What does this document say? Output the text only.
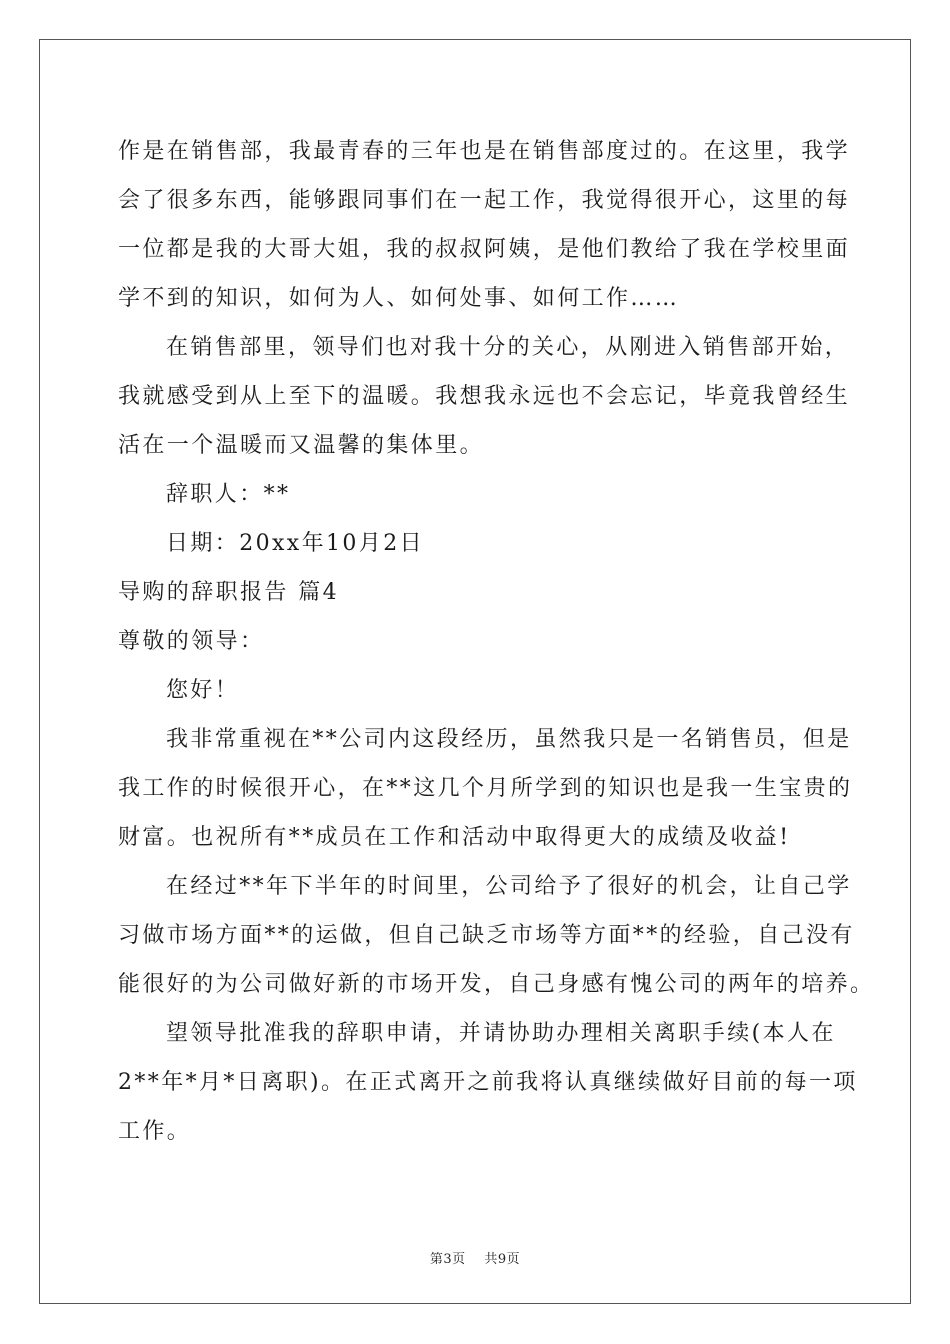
作是在销售部，我最青春的三年也是在销售部度过的。在这里，我学
会了很多东西，能够跟同事们在一起工作，我觉得很开心，这里的每
一位都是我的大哥大姐，我的叔叔阿姨，是他们教给了我在学校里面
学不到的知识，如何为人、如何处事、如何工作……
在销售部里，领导们也对我十分的关心，从刚进入销售部开始，
我就感受到从上至下的温暖。我想我永远也不会忘记，毕竟我曾经生
活在一个温暖而又温馨的集体里。
辞职人：**
日期：20xx年10月2日
导购的辞职报告 篇4
尊敬的领导：
您好！
我非常重视在**公司内这段经历，虽然我只是一名销售员，但是
我工作的时候很开心，在**这几个月所学到的知识也是我一生宝贵的
财富。也祝所有**成员在工作和活动中取得更大的成绩及收益!
在经过**年下半年的时间里，公司给予了很好的机会，让自己学
习做市场方面**的运做，但自己缺乏市场等方面**的经验，自己没有
能很好的为公司做好新的市场开发，自己身感有愧公司的两年的培养。
望领导批准我的辞职申请，并请协助办理相关离职手续(本人在
2**年*月*日离职)。在正式离开之前我将认真继续做好目前的每一项
工作。
第3页 共9页
